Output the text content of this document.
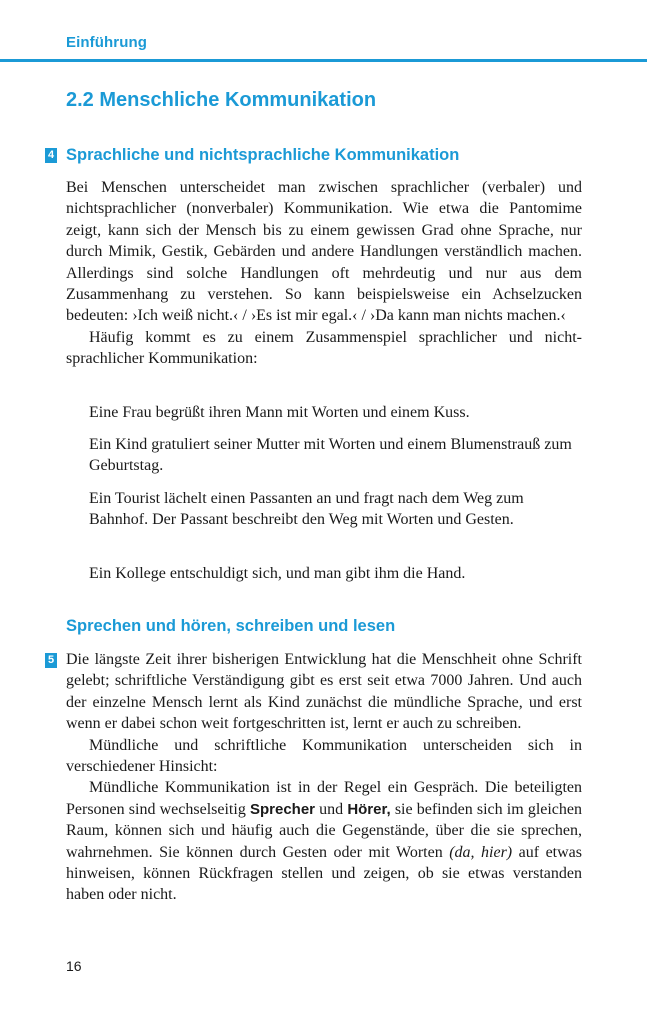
Einführung
2.2 Menschliche Kommunikation
4 Sprachliche und nichtsprachliche Kommunikation

Bei Menschen unterscheidet man zwischen sprachlicher (verbaler) und nichtsprachlicher (nonverbaler) Kommunikation. Wie etwa die Pantomime zeigt, kann sich der Mensch bis zu einem gewissen Grad ohne Sprache, nur durch Mimik, Gestik, Gebärden und andere Handlungen verständlich machen. Allerdings sind solche Handlungen oft mehrdeutig und nur aus dem Zusammenhang zu verstehen. So kann beispielsweise ein Achselzucken bedeuten: ›Ich weiß nicht.‹ / ›Es ist mir egal.‹ / ›Da kann man nichts machen.‹

Häufig kommt es zu einem Zusammenspiel sprachlicher und nichtsprachlicher Kommunikation:

Eine Frau begrüßt ihren Mann mit Worten und einem Kuss.

Ein Kind gratuliert seiner Mutter mit Worten und einem Blumenstrauß zum Geburtstag.

Ein Tourist lächelt einen Passanten an und fragt nach dem Weg zum Bahnhof. Der Passant beschreibt den Weg mit Worten und Gesten.

Ein Kollege entschuldigt sich, und man gibt ihm die Hand.

Sprechen und hören, schreiben und lesen
5 Die längste Zeit ihrer bisherigen Entwicklung hat die Menschheit ohne Schrift gelebt; schriftliche Verständigung gibt es erst seit etwa 7000 Jahren. Und auch der einzelne Mensch lernt als Kind zunächst die mündliche Sprache, und erst wenn er dabei schon weit fortgeschritten ist, lernt er auch zu schreiben.

Mündliche und schriftliche Kommunikation unterscheiden sich in verschiedener Hinsicht:

Mündliche Kommunikation ist in der Regel ein Gespräch. Die beteiligten Personen sind wechselseitig Sprecher und Hörer, sie befinden sich im gleichen Raum, können sich und häufig auch die Gegenstände, über die sie sprechen, wahrnehmen. Sie können durch Gesten oder mit Worten (da, hier) auf etwas hinweisen, können Rückfragen stellen und zeigen, ob sie etwas verstanden haben oder nicht.

16
